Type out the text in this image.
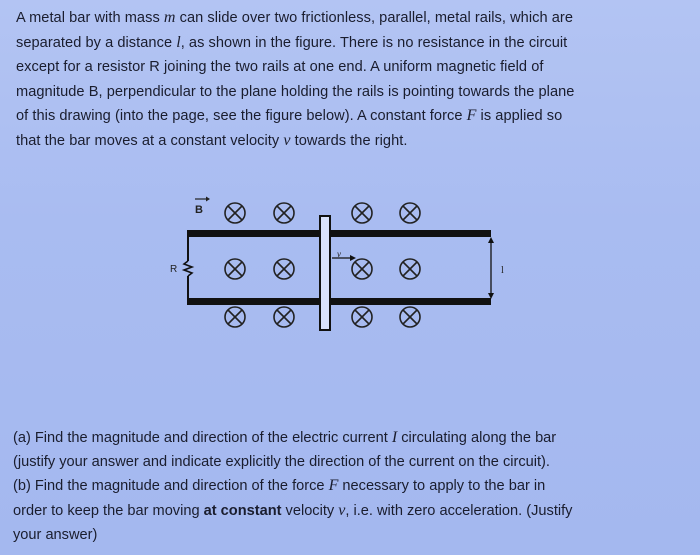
A metal bar with mass m can slide over two frictionless, parallel, metal rails, which are
separated by a distance l, as shown in the figure. There is no resistance in the circuit
except for a resistor R joining the two rails at one end. A uniform magnetic field of
magnitude B, perpendicular to the plane holding the rails is pointing towards the plane
of this drawing (into the page, see the figure below). A constant force F is applied so
that the bar moves at a constant velocity v towards the right.
B
R
v
l
(a) Find the magnitude and direction of the electric current I circulating along the bar
(justify your answer and indicate explicitly the direction of the current on the circuit).
(b) Find the magnitude and direction of the force F necessary to apply to the bar in
order to keep the bar moving at constant velocity v, i.e. with zero acceleration. (Justify
your answer)
